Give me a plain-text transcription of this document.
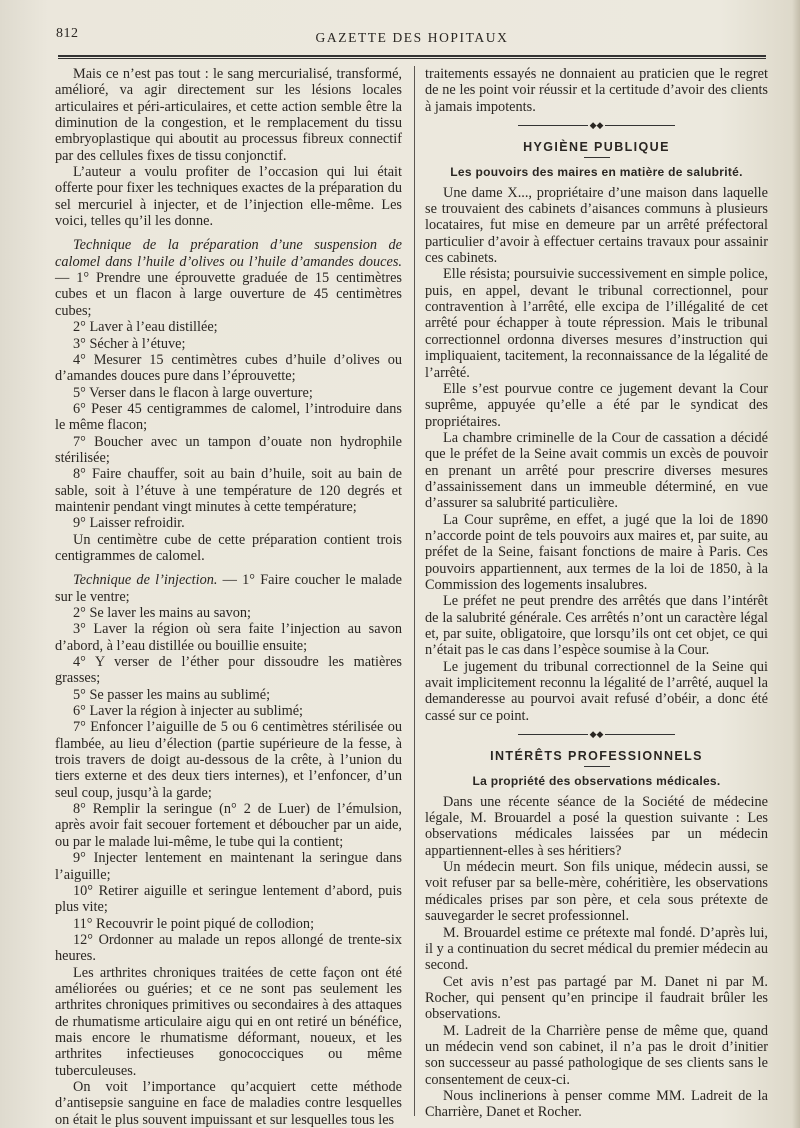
812	GAZETTE DES HOPITAUX

Mais ce n’est pas tout : le sang mercurialisé, transformé, amélioré, va agir directement sur les lésions locales articulaires et péri-articulaires, et cette action semble être la diminution de la congestion, et le remplacement du tissu embryoplastique qui aboutit au processus fibreux connectif par des cellules fixes de tissu conjonctif.

L’auteur a voulu profiter de l’occasion qui lui était offerte pour fixer les techniques exactes de la préparation du sel mercuriel à injecter, et de l’injection elle-même. Les voici, telles qu’il les donne.

Technique de la préparation d’une suspension de calomel dans l’huile d’olives ou l’huile d’amandes douces. — 1° Prendre une éprouvette graduée de 15 centimètres cubes et un flacon à large ouverture de 45 centimètres cubes;

2° Laver à l’eau distillée;

3° Sécher à l’étuve;

4° Mesurer 15 centimètres cubes d’huile d’olives ou d’amandes douces pure dans l’éprouvette;

5° Verser dans le flacon à large ouverture;

6° Peser 45 centigrammes de calomel, l’introduire dans le même flacon;

7° Boucher avec un tampon d’ouate non hydrophile stérilisée;

8° Faire chauffer, soit au bain d’huile, soit au bain de sable, soit à l’étuve à une température de 120 degrés et maintenir pendant vingt minutes à cette température;

9° Laisser refroidir.

Un centimètre cube de cette préparation contient trois centigrammes de calomel.

Technique de l’injection. — 1° Faire coucher le malade sur le ventre;

2° Se laver les mains au savon;

3° Laver la région où sera faite l’injection au savon d’abord, à l’eau distillée ou bouillie ensuite;

4° Y verser de l’éther pour dissoudre les matières grasses;

5° Se passer les mains au sublimé;

6° Laver la région à injecter au sublimé;

7° Enfoncer l’aiguille de 5 ou 6 centimètres stérilisée ou flambée, au lieu d’élection (partie supérieure de la fesse, à trois travers de doigt au-dessous de la crête, à l’union du tiers externe et des deux tiers internes), et l’enfoncer, d’un seul coup, jusqu’à la garde;

8° Remplir la seringue (n° 2 de Luer) de l’émulsion, après avoir fait secouer fortement et déboucher par un aide, ou par le malade lui-même, le tube qui la contient;

9° Injecter lentement en maintenant la seringue dans l’aiguille;

10° Retirer aiguille et seringue lentement d’abord, puis plus vite;

11° Recouvrir le point piqué de collodion;

12° Ordonner au malade un repos allongé de trente-six heures.

Les arthrites chroniques traitées de cette façon ont été améliorées ou guéries; et ce ne sont pas seulement les arthrites chroniques primitives ou secondaires à des attaques de rhumatisme articulaire aigu qui en ont retiré un bénéfice, mais encore le rhumatisme déformant, noueux, et les arthrites infectieuses gonococciques ou même tuberculeuses.

On voit l’importance qu’acquiert cette méthode d’antisepsie sanguine en face de maladies contre lesquelles on était le plus souvent impuissant et sur lesquelles tous les

traitements essayés ne donnaient au praticien que le regret de ne les point voir réussir et la certitude d’avoir des clients à jamais impotents.

◆◆
HYGIÈNE PUBLIQUE
Les pouvoirs des maires en matière de salubrité.

Une dame X..., propriétaire d’une maison dans laquelle se trouvaient des cabinets d’aisances communs à plusieurs locataires, fut mise en demeure par un arrêté préfectoral particulier d’avoir à effectuer certains travaux pour assainir ces cabinets.

Elle résista; poursuivie successivement en simple police, puis, en appel, devant le tribunal correctionnel, pour contravention à l’arrêté, elle excipa de l’illégalité de cet arrêté pour échapper à toute répression. Mais le tribunal correctionnel ordonna diverses mesures d’instruction qui impliquaient, tacitement, la reconnaissance de la légalité de l’arrêté.

Elle s’est pourvue contre ce jugement devant la Cour suprême, appuyée qu’elle a été par le syndicat des propriétaires.

La chambre criminelle de la Cour de cassation a décidé que le préfet de la Seine avait commis un excès de pouvoir en prenant un arrêté pour prescrire diverses mesures d’assainissement dans un immeuble déterminé, en vue d’assurer sa salubrité particulière.

La Cour suprême, en effet, a jugé que la loi de 1890 n’accorde point de tels pouvoirs aux maires et, par suite, au préfet de la Seine, faisant fonctions de maire à Paris. Ces pouvoirs appartiennent, aux termes de la loi de 1850, à la Commission des logements insalubres.

Le préfet ne peut prendre des arrêtés que dans l’intérêt de la salubrité générale. Ces arrêtés n’ont un caractère légal et, par suite, obligatoire, que lorsqu’ils ont cet objet, ce qui n’était pas le cas dans l’espèce soumise à la Cour.

Le jugement du tribunal correctionnel de la Seine qui avait implicitement reconnu la légalité de l’arrêté, auquel la demanderesse au pourvoi avait refusé d’obéir, a donc été cassé sur ce point.

◆◆
INTÉRÊTS PROFESSIONNELS
La propriété des observations médicales.

Dans une récente séance de la Société de médecine légale, M. Brouardel a posé la question suivante : Les observations médicales laissées par un médecin appartiennent-elles à ses héritiers?

Un médecin meurt. Son fils unique, médecin aussi, se voit refuser par sa belle-mère, cohéritière, les observations médicales prises par son père, et cela sous prétexte de sauvegarder le secret professionnel.

M. Brouardel estime ce prétexte mal fondé. D’après lui, il y a continuation du secret médical du premier médecin au second.

Cet avis n’est pas partagé par M. Danet ni par M. Rocher, qui pensent qu’en principe il faudrait brûler les observations.

M. Ladreit de la Charrière pense de même que, quand un médecin vend son cabinet, il n’a pas le droit d’initier son successeur au passé pathologique de ses clients sans le consentement de ceux-ci.

Nous inclinerions à penser comme MM. Ladreit de la Charrière, Danet et Rocher.
